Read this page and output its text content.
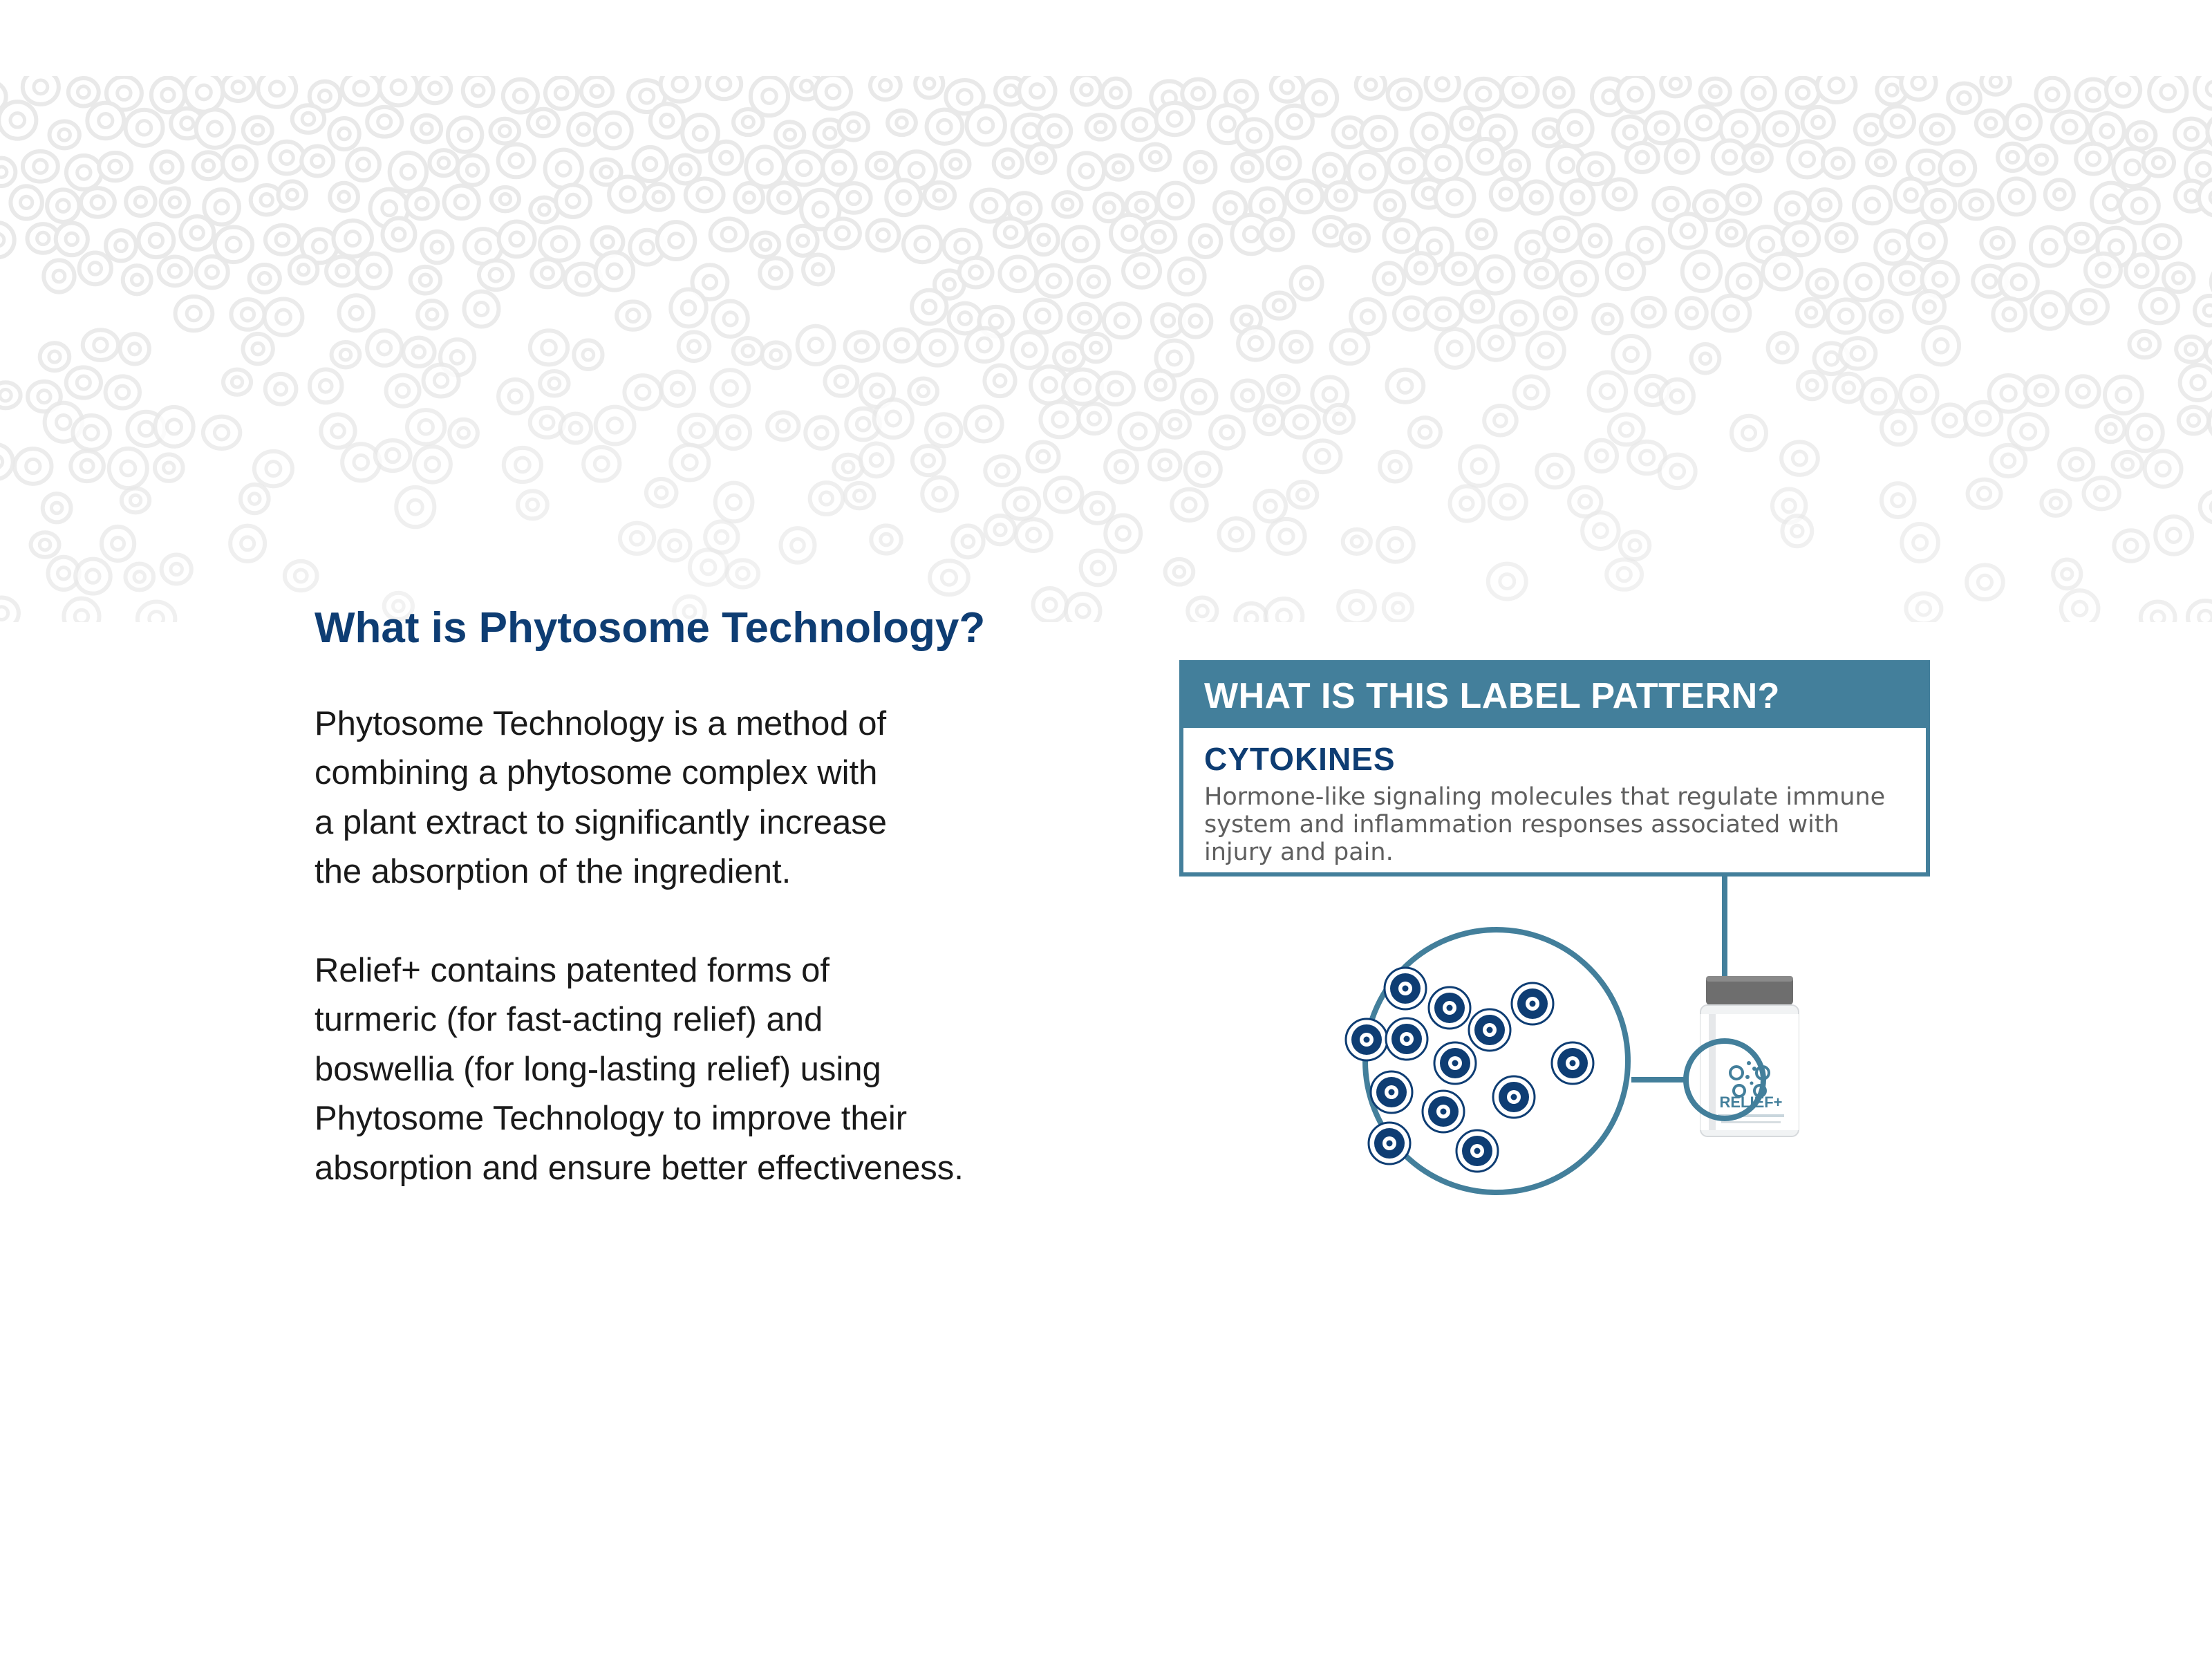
What is Phytosome Technology?

Phytosome Technology is a method of
combining a phytosome complex with
a plant extract to significantly increase
the absorption of the ingredient.

Relief+ contains patented forms of
turmeric (for fast-acting relief) and
boswellia (for long-lasting relief) using
Phytosome Technology to improve their
absorption and ensure better effectiveness.

WHAT IS THIS LABEL PATTERN?
CYTOKINES
Hormone-like signaling molecules that regulate immune
system and inflammation responses associated with
injury and pain.
RELIEF+
